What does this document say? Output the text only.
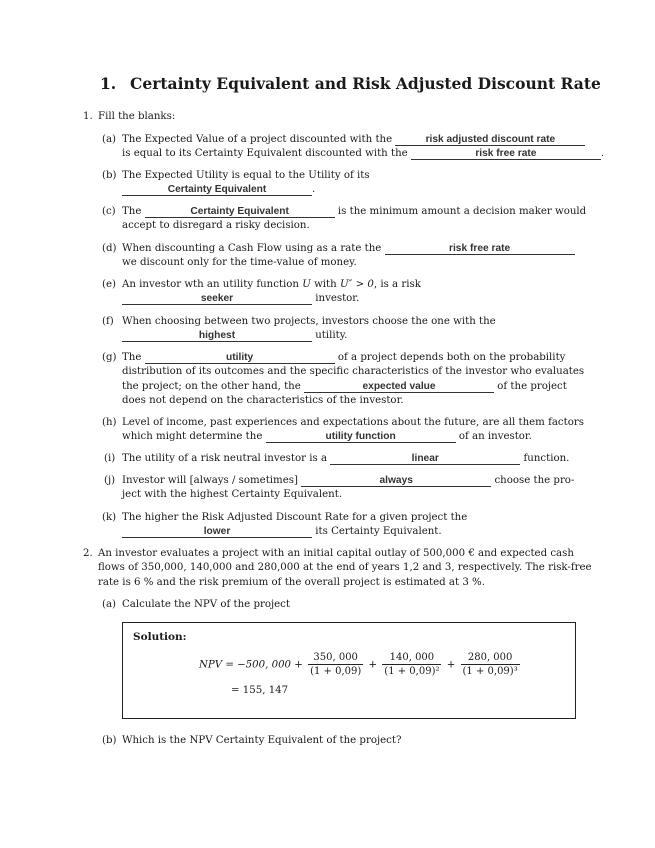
1. Certainty Equivalent and Risk Adjusted Discount Rate
1. Fill the blanks:
(a) The Expected Value of a project discounted with the	risk adjusted discount rate
is equal to its Certainty Equivalent discounted with the	risk free rate	.
(b) The Expected Utility is equal to the Utility of its
Certainty Equivalent	.
(c) The	Certainty Equivalent	is the minimum amount a decision maker would
accept to disregard a risky decision.
(d) When discounting a Cash Flow using as a rate the	risk free rate
we discount only for the time-value of money.
(e) An investor wth an utility function U with U″ > 0, is a risk
seeker	investor.
(f) When choosing between two projects, investors choose the one with the
highest	utility.
(g) The	utility	of a project depends both on the probability
distribution of its outcomes and the specific characteristics of the investor who evaluates
the project; on the other hand, the	expected value	of the project
does not depend on the characteristics of the investor.
(h) Level of income, past experiences and expectations about the future, are all them factors
which might determine the	utility function	of an investor.
(i) The utility of a risk neutral investor is a	linear	function.
(j) Investor will [always / sometimes]	always	choose the pro-
ject with the highest Certainty Equivalent.
(k) The higher the Risk Adjusted Discount Rate for a given project the
lower	its Certainty Equivalent.
2. An investor evaluates a project with an initial capital outlay of 500,000 € and expected cash
flows of 350,000, 140,000 and 280,000 at the end of years 1,2 and 3, respectively. The risk-free
rate is 6 % and the risk premium of the overall project is estimated at 3 %.
(a) Calculate the NPV of the project
Solution:
NPV = −500, $000 + \frac{350, 000}{(1 + 0,09)} + \frac{140, 000}{\text{(1 + 0,09)²}} + \frac{280, 000}{\text{(1 + 0,09)³}}$
= 155, 147
(b) Which is the NPV Certainty Equivalent of the project?
